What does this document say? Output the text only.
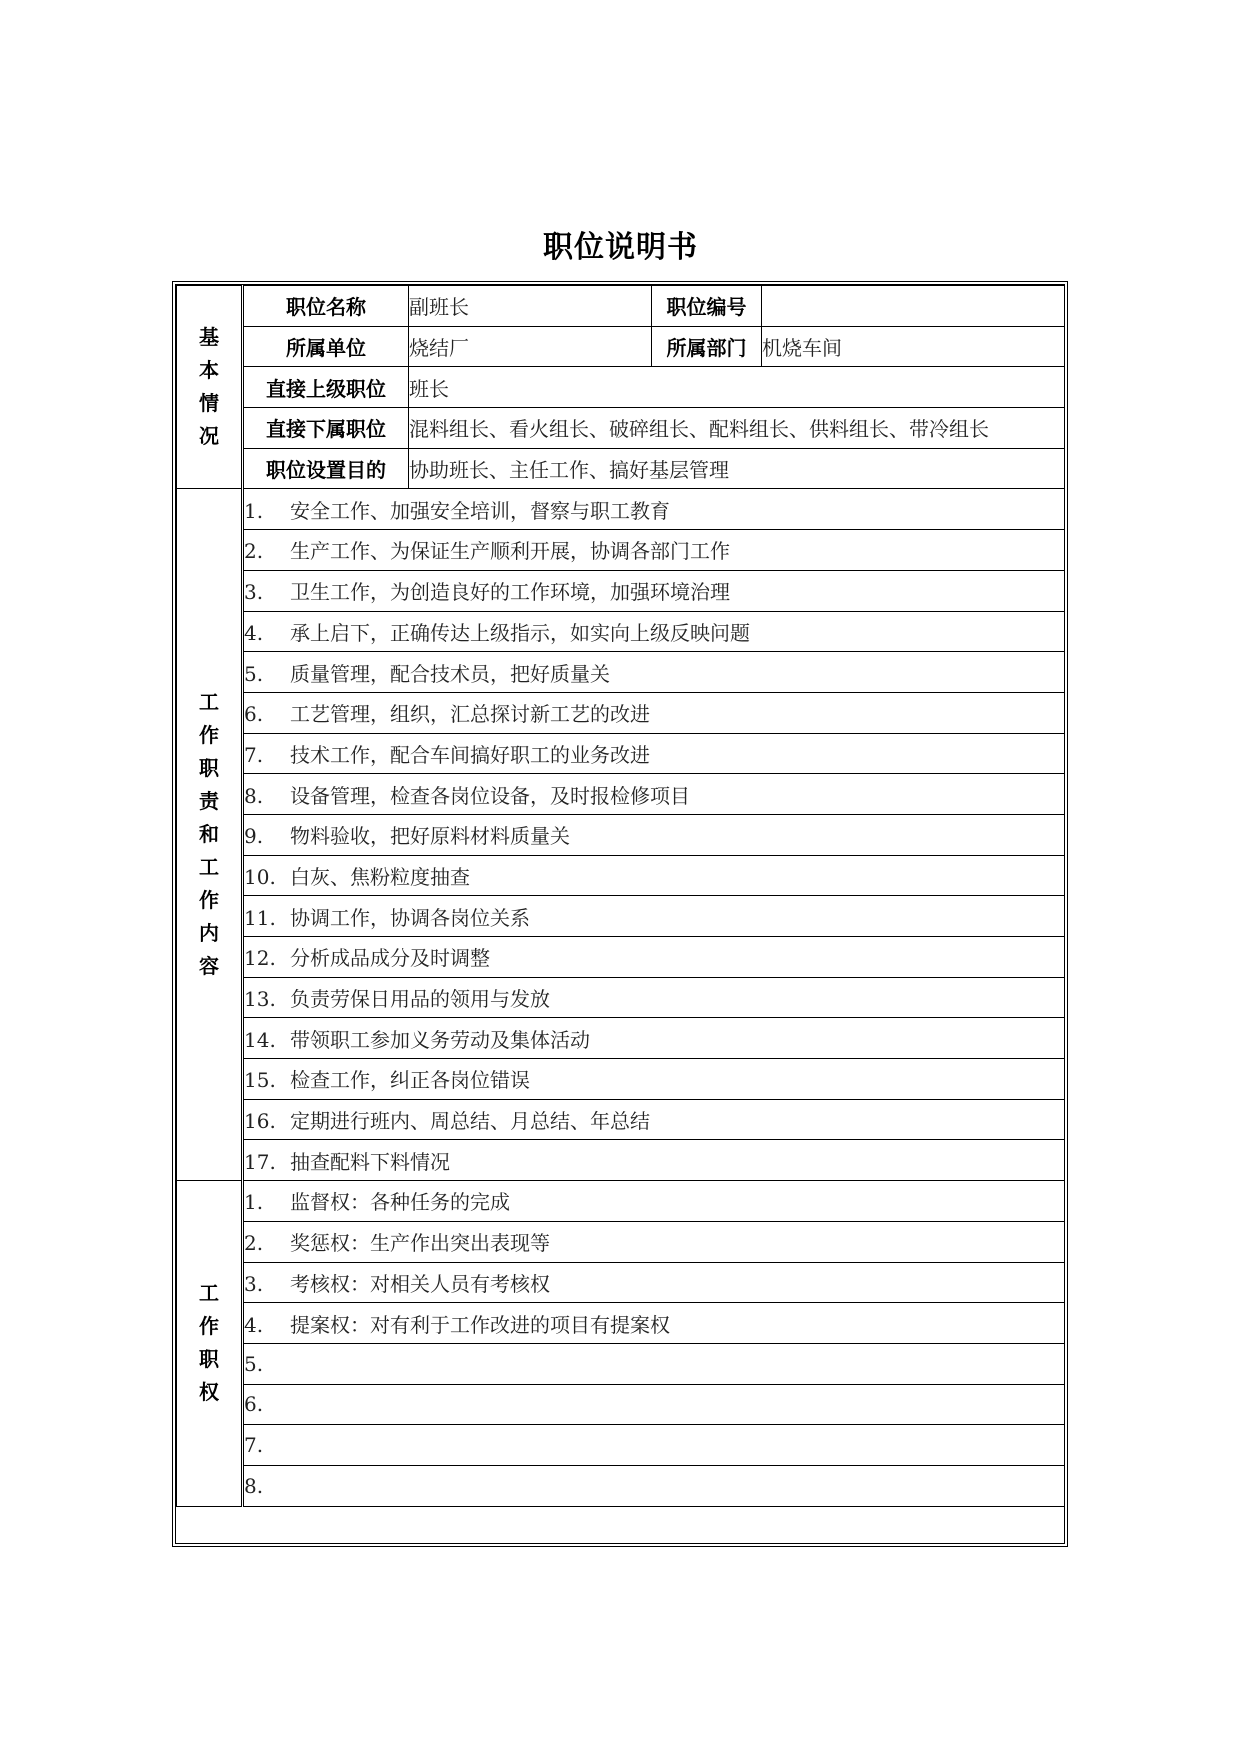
职位说明书
基本情况	职位名称	副班长	职位编号	
	所属单位	烧结厂	所属部门	机烧车间
	直接上级职位	班长		
	直接下属职位	混料组长、看火组长、破碎组长、配料组长、供料组长、带冷组长		
	职位设置目的	协助班长、主任工作、搞好基层管理		
工作职责和工作内容	1. 安全工作、加强安全培训，督察与职工教育			
	2. 生产工作、为保证生产顺利开展，协调各部门工作			
	3. 卫生工作，为创造良好的工作环境，加强环境治理			
	4. 承上启下，正确传达上级指示，如实向上级反映问题			
	5. 质量管理，配合技术员，把好质量关			
	6. 工艺管理，组织，汇总探讨新工艺的改进			
	7. 技术工作，配合车间搞好职工的业务改进			
	8. 设备管理，检查各岗位设备，及时报检修项目			
	9. 物料验收，把好原料材料质量关			
	10. 白灰、焦粉粒度抽查			
	11. 协调工作，协调各岗位关系			
	12. 分析成品成分及时调整			
	13. 负责劳保日用品的领用与发放			
	14. 带领职工参加义务劳动及集体活动			
	15. 检查工作，纠正各岗位错误			
	16. 定期进行班内、周总结、月总结、年总结			
	17. 抽查配料下料情况			
工作职权	1. 监督权：各种任务的完成			
	2. 奖惩权：生产作出突出表现等			
	3. 考核权：对相关人员有考核权			
	4. 提案权：对有利于工作改进的项目有提案权			
	5.			
	6.			
	7.			
	8.			
